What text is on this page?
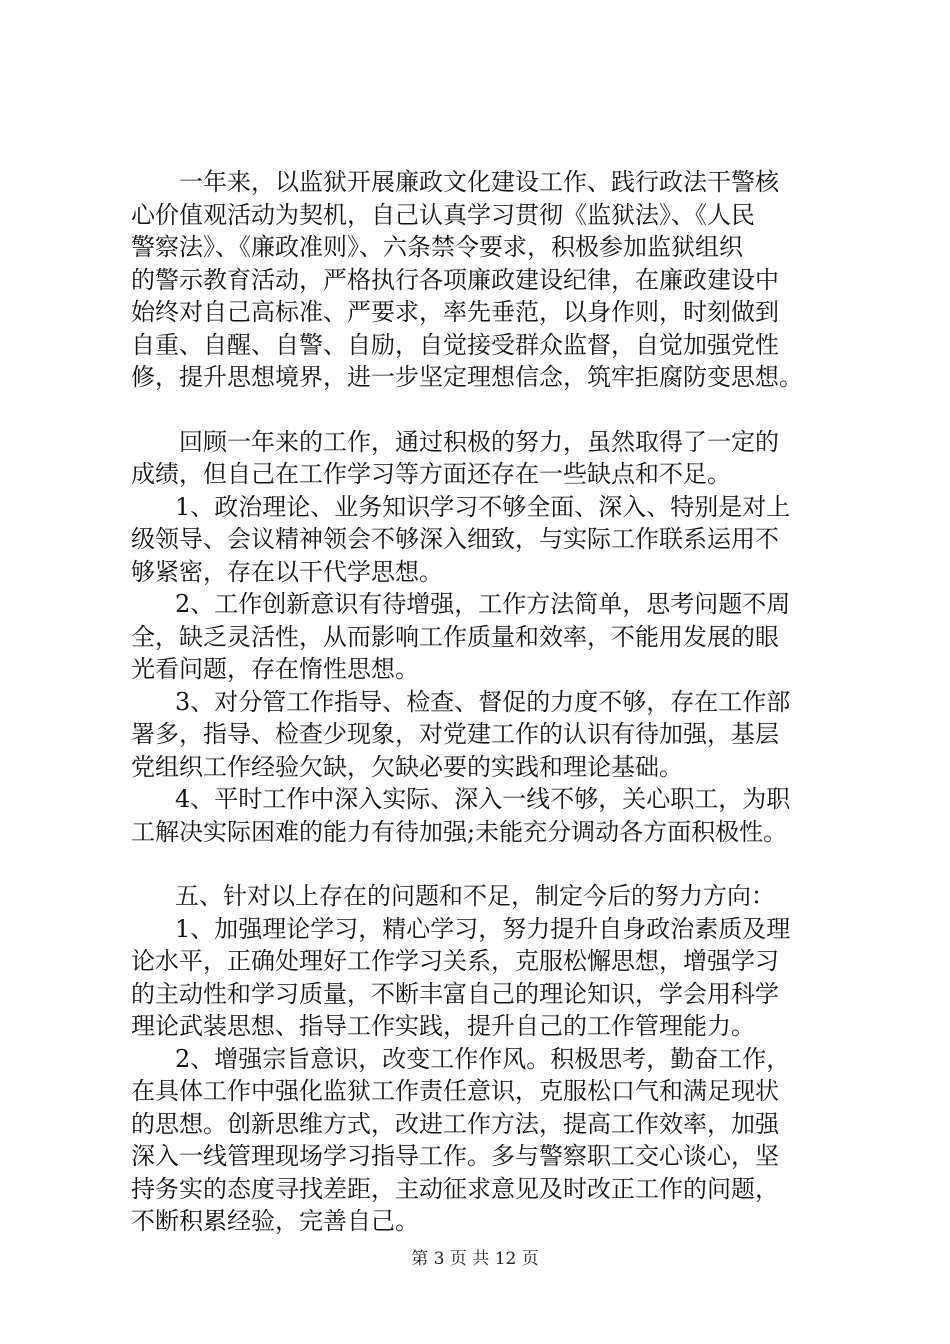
一年来，以监狱开展廉政文化建设工作、践行政法干警核
心价值观活动为契机，自己认真学习贯彻《监狱法》、《人民
警察法》、《廉政准则》、六条禁令要求，积极参加监狱组织
的警示教育活动，严格执行各项廉政建设纪律，在廉政建设中
始终对自己高标准、严要求，率先垂范，以身作则，时刻做到
自重、自醒、自警、自励，自觉接受群众监督，自觉加强党性
修，提升思想境界，进一步坚定理想信念，筑牢拒腐防变思想。

回顾一年来的工作，通过积极的努力，虽然取得了一定的
成绩，但自己在工作学习等方面还存在一些缺点和不足。

1、政治理论、业务知识学习不够全面、深入、特别是对上
级领导、会议精神领会不够深入细致，与实际工作联系运用不
够紧密，存在以干代学思想。

2、工作创新意识有待增强，工作方法简单，思考问题不周
全，缺乏灵活性，从而影响工作质量和效率，不能用发展的眼
光看问题，存在惰性思想。

3、对分管工作指导、检查、督促的力度不够，存在工作部
署多，指导、检查少现象，对党建工作的认识有待加强，基层
党组织工作经验欠缺，欠缺必要的实践和理论基础。

4、平时工作中深入实际、深入一线不够，关心职工，为职
工解决实际困难的能力有待加强;未能充分调动各方面积极性。

五、针对以上存在的问题和不足，制定今后的努力方向：

1、加强理论学习，精心学习，努力提升自身政治素质及理
论水平，正确处理好工作学习关系，克服松懈思想，增强学习
的主动性和学习质量，不断丰富自己的理论知识，学会用科学
理论武装思想、指导工作实践，提升自己的工作管理能力。

2、增强宗旨意识，改变工作作风。积极思考，勤奋工作，
在具体工作中强化监狱工作责任意识，克服松口气和满足现状
的思想。创新思维方式，改进工作方法，提高工作效率，加强
深入一线管理现场学习指导工作。多与警察职工交心谈心，坚
持务实的态度寻找差距，主动征求意见及时改正工作的问题，
不断积累经验，完善自己。

第 3 页 共 12 页
